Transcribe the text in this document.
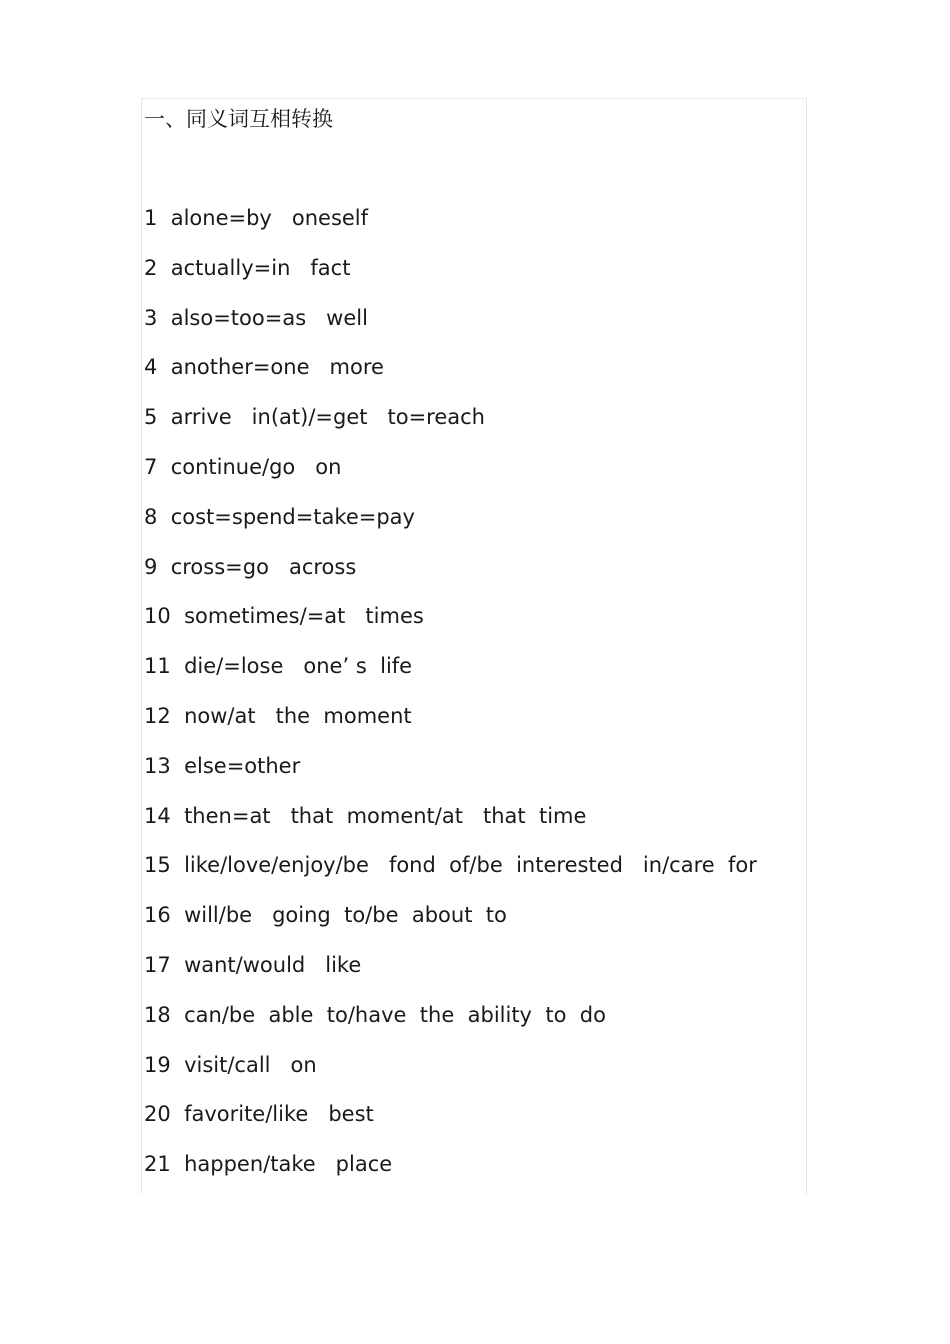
一、同义词互相转换
1  alone=by   oneself
2  actually=in   fact
3  also=too=as   well
4  another=one   more
5  arrive   in(at)/=get   to=reach
7  continue/go   on
8  cost=spend=take=pay
9  cross=go   across
10  sometimes/=at   times
11  die/=lose   one’ s  life
12  now/at   the  moment
13  else=other
14  then=at   that  moment/at   that  time
15  like/love/enjoy/be   fond  of/be  interested   in/care  for
16  will/be   going  to/be  about  to
17  want/would   like
18  can/be  able  to/have  the  ability  to  do
19  visit/call   on
20  favorite/like   best
21  happen/take   place
